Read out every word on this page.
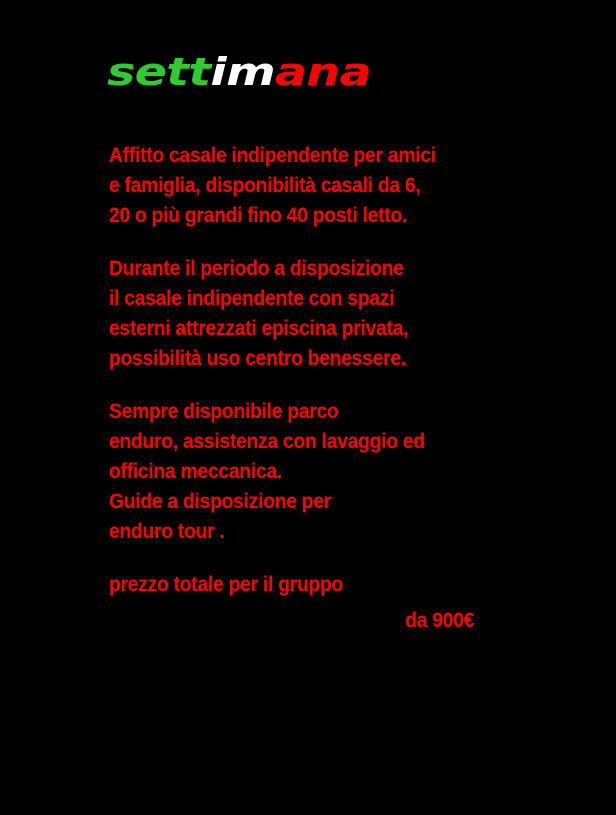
settimana
Affitto casale indipendente per amici
e famiglia, disponibilità casali da 6,
20 o più grandi fino 40 posti letto.
Durante il periodo a disposizione
il casale indipendente con spazi
esterni attrezzati episcina privata,
possibilità uso centro benessere.
Sempre disponibile parco
enduro, assistenza con lavaggio ed
officina meccanica.
Guide a disposizione per
enduro tour .
prezzo totale per il gruppo
da 900€
